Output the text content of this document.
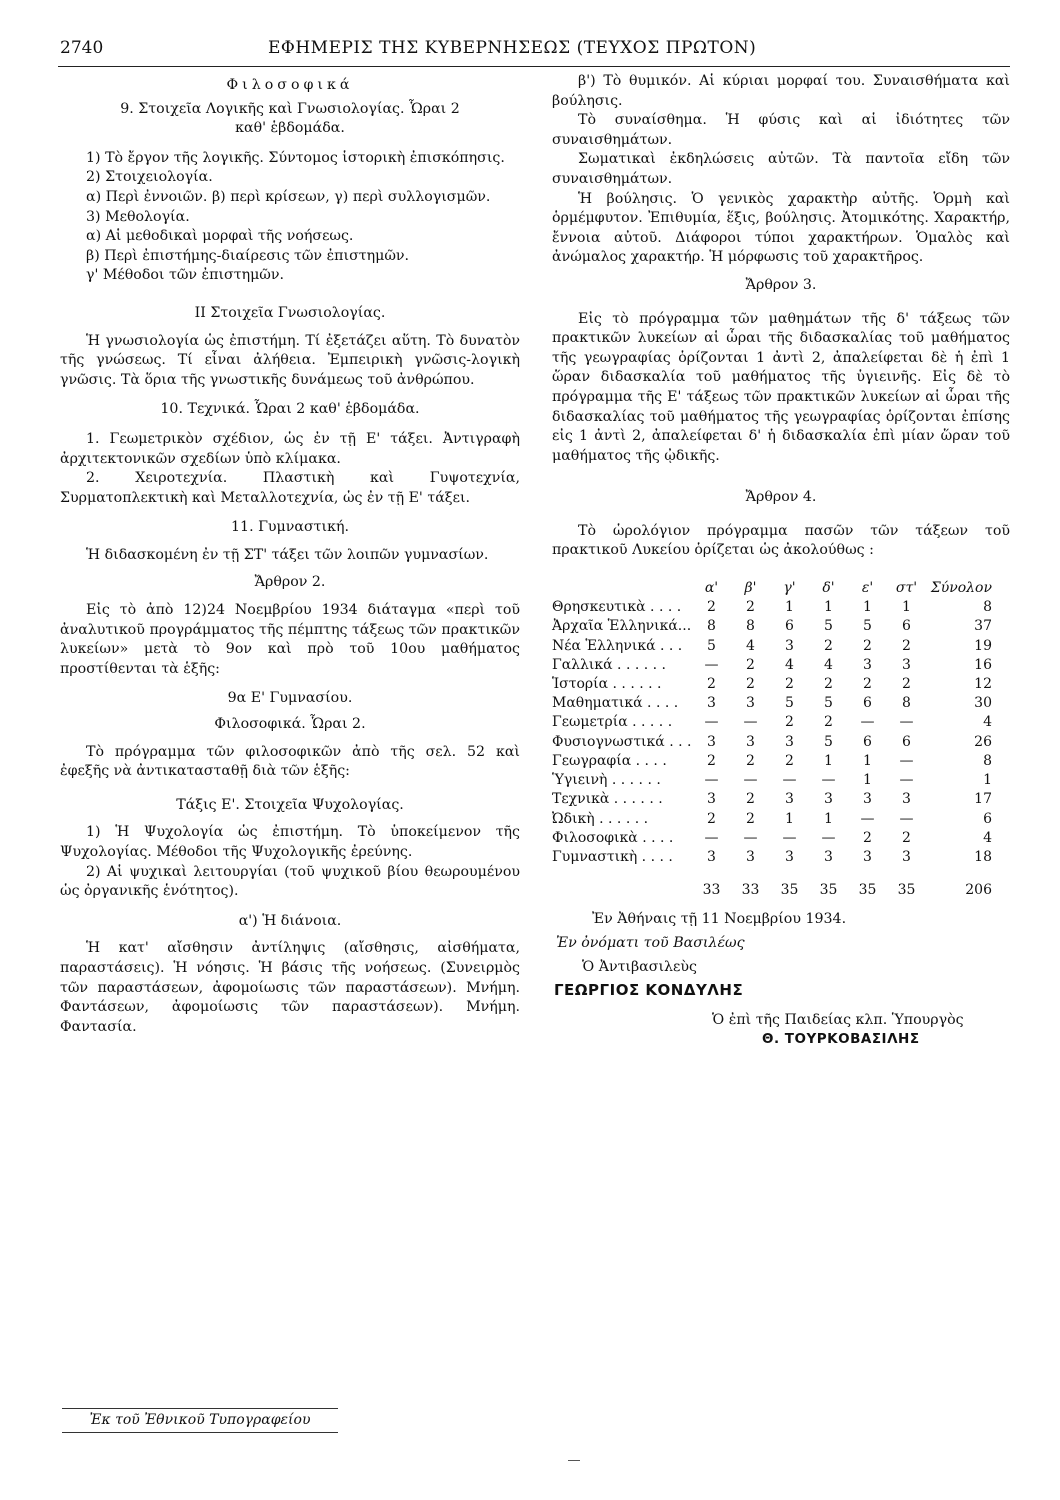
2740	ΕΦΗΜΕΡΙΣ ΤΗΣ ΚΥΒΕΡΝΗΣΕΩΣ (ΤΕΥΧΟΣ ΠΡΩΤΟΝ)

Φιλοσοφικά

9. Στοιχεῖα Λογικῆς καὶ Γνωσιολογίας. Ὧραι 2

καθ' ἑβδομάδα.

1) Τὸ ἔργον τῆς λογικῆς. Σύντομος ἱστορικὴ ἐπισκόπησις.

2) Στοιχειολογία.

α) Περὶ ἐννοιῶν. β) περὶ κρίσεων, γ) περὶ συλλογισμῶν.

3) Μεθολογία.

α) Αἱ μεθοδικαὶ μορφαὶ τῆς νοήσεως.

β) Περὶ ἐπιστήμης-διαίρεσις τῶν ἐπιστημῶν.

γ' Μέθοδοι τῶν ἐπιστημῶν.

ΙΙ Στοιχεῖα Γνωσιολογίας.

Ἡ γνωσιολογία ὡς ἐπιστήμη. Τί ἐξετάζει αὕτη. Τὸ δυνατὸν τῆς γνώσεως. Τί εἶναι ἀλήθεια. Ἐμπειρικὴ γνῶσις-λογικὴ γνῶσις. Τὰ ὅρια τῆς γνωστικῆς δυνάμεως τοῦ ἀνθρώπου.

10. Τεχνικά. Ὧραι 2 καθ' ἑβδομάδα.

1. Γεωμετρικὸν σχέδιον, ὡς ἐν τῇ Ε' τάξει. Ἀντιγραφὴ ἀρχιτεκτονικῶν σχεδίων ὑπὸ κλίμακα.

2. Χειροτεχνία. Πλαστικὴ καὶ Γυψοτεχνία, Συρματοπλεκτικὴ καὶ Μεταλλοτεχνία, ὡς ἐν τῇ Ε' τάξει.

11. Γυμναστική.

Ἡ διδασκομένη ἐν τῇ ΣΤ' τάξει τῶν λοιπῶν γυμνασίων.

Ἄρθρον 2.

Εἰς τὸ ἀπὸ 12)24 Νοεμβρίου 1934 διάταγμα «περὶ τοῦ ἀναλυτικοῦ προγράμματος τῆς πέμπτης τάξεως τῶν πρακτικῶν λυκείων» μετὰ τὸ 9ον καὶ πρὸ τοῦ 10ου μαθήματος προστίθενται τὰ ἑξῆς:

9α Ε' Γυμνασίου.

Φιλοσοφικά. Ὧραι 2.

Τὸ πρόγραμμα τῶν φιλοσοφικῶν ἀπὸ τῆς σελ. 52 καὶ ἐφεξῆς νὰ ἀντικατασταθῇ διὰ τῶν ἑξῆς:

Τάξις Ε'. Στοιχεῖα Ψυχολογίας.

1) Ἡ Ψυχολογία ὡς ἐπιστήμη. Τὸ ὑποκείμενον τῆς Ψυχολογίας. Μέθοδοι τῆς Ψυχολογικῆς ἐρεύνης.

2) Αἱ ψυχικαὶ λειτουργίαι (τοῦ ψυχικοῦ βίου θεωρουμένου ὡς ὀργανικῆς ἑνότητος).

α') Ἡ διάνοια.

Ἡ κατ' αἴσθησιν ἀντίληψις (αἴσθησις, αἰσθήματα, παραστάσεις). Ἡ νόησις. Ἡ βάσις τῆς νοήσεως. (Συνειρμὸς τῶν παραστάσεων, ἀφομοίωσις τῶν παραστάσεων). Μνήμη. Φαντάσεων, ἀφομοίωσις τῶν παραστάσεων). Μνήμη. Φαντασία.

β') Τὸ θυμικόν. Αἱ κύριαι μορφαί του. Συναισθήματα καὶ βούλησις.

Τὸ συναίσθημα. Ἡ φύσις καὶ αἱ ἰδιότητες τῶν συναισθημάτων.

Σωματικαὶ ἐκδηλώσεις αὐτῶν. Τὰ παντοῖα εἴδη τῶν συναισθημάτων.

Ἡ βούλησις. Ὁ γενικὸς χαρακτὴρ αὐτῆς. Ὁρμὴ καὶ ὁρμέμφυτον. Ἐπιθυμία, ἕξις, βούλησις. Ἀτομικότης. Χαρακτήρ, ἔννοια αὐτοῦ. Διάφοροι τύποι χαρακτήρων. Ὁμαλὸς καὶ ἀνώμαλος χαρακτήρ. Ἡ μόρφωσις τοῦ χαρακτῆρος.

Ἄρθρον 3.

Εἰς τὸ πρόγραμμα τῶν μαθημάτων τῆς δ' τάξεως τῶν πρακτικῶν λυκείων αἱ ὧραι τῆς διδασκαλίας τοῦ μαθήματος τῆς γεωγραφίας ὁρίζονται 1 ἀντὶ 2, ἀπαλείφεται δὲ ἡ ἐπὶ 1 ὥραν διδασκαλία τοῦ μαθήματος τῆς ὑγιεινῆς. Εἰς δὲ τὸ πρόγραμμα τῆς Ε' τάξεως τῶν πρακτικῶν λυκείων αἱ ὧραι τῆς διδασκαλίας τοῦ μαθήματος τῆς γεωγραφίας ὁρίζονται ἐπίσης εἰς 1 ἀντὶ 2, ἀπαλείφεται δ' ἡ διδασκαλία ἐπὶ μίαν ὥραν τοῦ μαθήματος τῆς ᾠδικῆς.

Ἄρθρον 4.

Τὸ ὡρολόγιον πρόγραμμα πασῶν τῶν τάξεων τοῦ πρακτικοῦ Λυκείου ὁρίζεται ὡς ἀκολούθως :

	α'	β'	γ'	δ'	ε'	στ'	Σύνολον
Θρησκευτικὰ . . . .	2	2	1	1	1	1	8
Ἀρχαῖα Ἑλληνικά...	8	8	6	5	5	6	37
Νέα Ἑλληνικά . . .	5	4	3	2	2	2	19
Γαλλικά . . . . . .	—	2	4	4	3	3	16
Ἱστορία . . . . . .	2	2	2	2	2	2	12
Μαθηματικά . . . .	3	3	5	5	6	8	30
Γεωμετρία . . . . .	—	—	2	2	—	—	4
Φυσιογνωστικά . . .	3	3	3	5	6	6	26
Γεωγραφία . . . .	2	2	2	1	1	—	8
Ὑγιεινὴ . . . . . .	—	—	—	—	1	—	1
Τεχνικὰ . . . . . .	3	2	3	3	3	3	17
Ὠδικὴ . . . . . .	2	2	1	1	—	—	6
Φιλοσοφικὰ . . . .	—	—	—	—	2	2	4
Γυμναστικὴ . . . .	3	3	3	3	3	3	18
	33	33	35	35	35	35	206

Ἐν Ἀθήναις τῇ 11 Νοεμβρίου 1934.

Ἐν ὀνόματι τοῦ Βασιλέως

Ὁ Ἀντιβασιλεὺς

ΓΕΩΡΓΙΟΣ ΚΟΝΔΥΛΗΣ

Ὁ ἐπὶ τῆς Παιδείας κλπ. Ὑπουργὸς

Θ. ΤΟΥΡΚΟΒΑΣΙΛΗΣ

Ἐκ τοῦ Ἐθνικοῦ Τυπογραφείου
